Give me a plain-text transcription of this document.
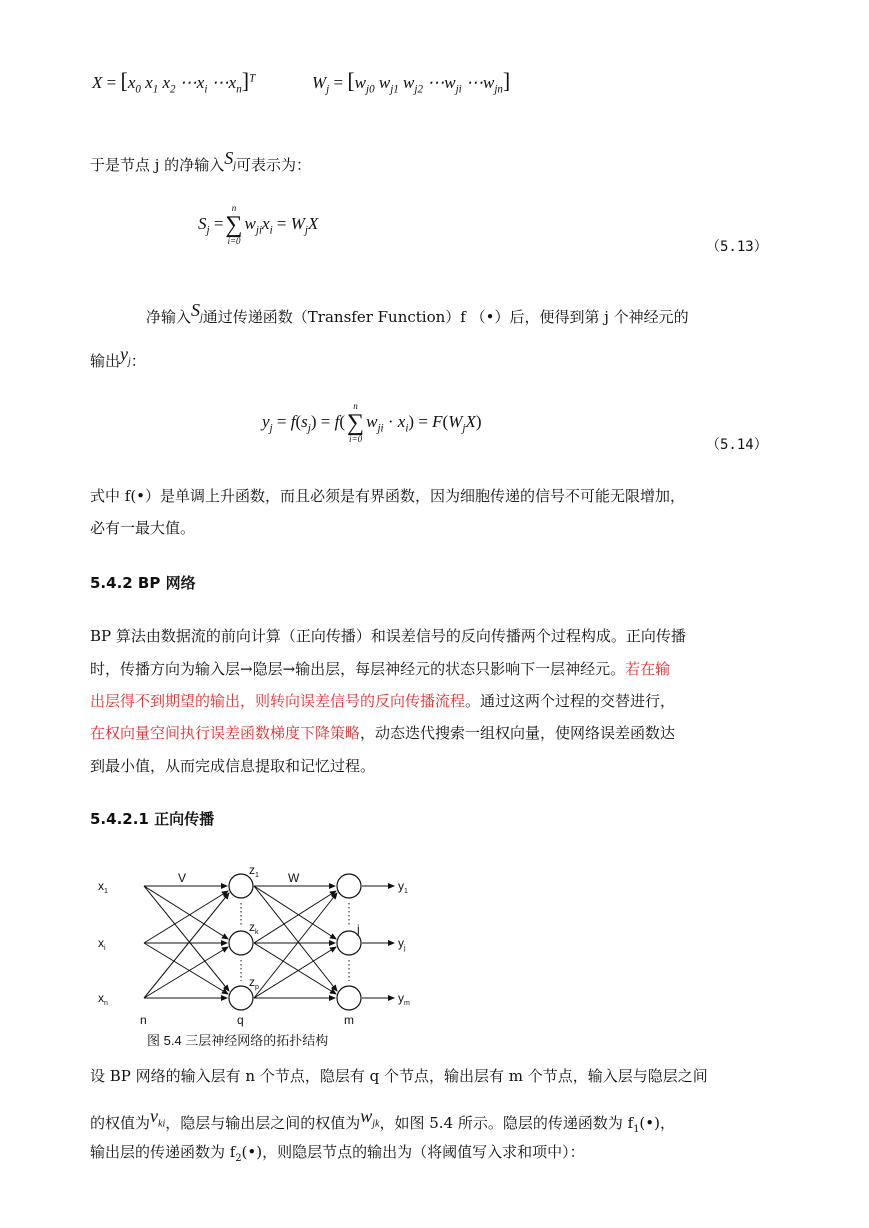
$X = [x_0$ $x_1$ $x_2$ $\cdots x_i$ $\cdots x_n]^T$	$W_j = [w_{j0}$ $w_{j1}$ $w_{j2}$ $\cdots w_{ji}$ $\cdots w_{jn}$]
于是节点 j 的净输入$S_j$可表示为：
$S_j$ =
n
∑
i=0
$w_{ji}x_i = W_jX$
（5.13）
净输入$S_j$通过传递函数（Transfer Function）f （•）后，便得到第 j 个神经元的
输出$y_j$：
$y_j = f(s_j) = f$(
n
∑
i=0
$w_{ji} \cdot x_i) = F(W_jX)$
（5.14）
式中 f(•）是单调上升函数，而且必须是有界函数，因为细胞传递的信号不可能无限增加，
必有一最大值。
5.4.2 BP 网络
BP 算法由数据流的前向计算（正向传播）和误差信号的反向传播两个过程构成。正向传播
时，传播方向为输入层→隐层→输出层，每层神经元的状态只影响下一层神经元。若在输
出层得不到期望的输出，则转向误差信号的反向传播流程。通过这两个过程的交替进行，
在权向量空间执行误差函数梯度下降策略，动态迭代搜索一组权向量，使网络误差函数达
到最小值，从而完成信息提取和记忆过程。
5.4.2.1 正向传播
$x_1$
$x_i$
$x_n$
$z_1$
$z_k$
$z_p$
$y_1$
$y_j$
$y_m$
V	W
j
n	q	m
图 5.4 三层神经网络的拓扑结构
设 BP 网络的输入层有 n 个节点，隐层有 q 个节点，输出层有 m 个节点，输入层与隐层之间
的权值为$v_{ki}$，隐层与输出层之间的权值为$w_{jk}$，如图 5.4 所示。隐层的传递函数为 $f_1(•)$，
输出层的传递函数为 $f_2(•)$，则隐层节点的输出为（将阈值写入求和项中）：
